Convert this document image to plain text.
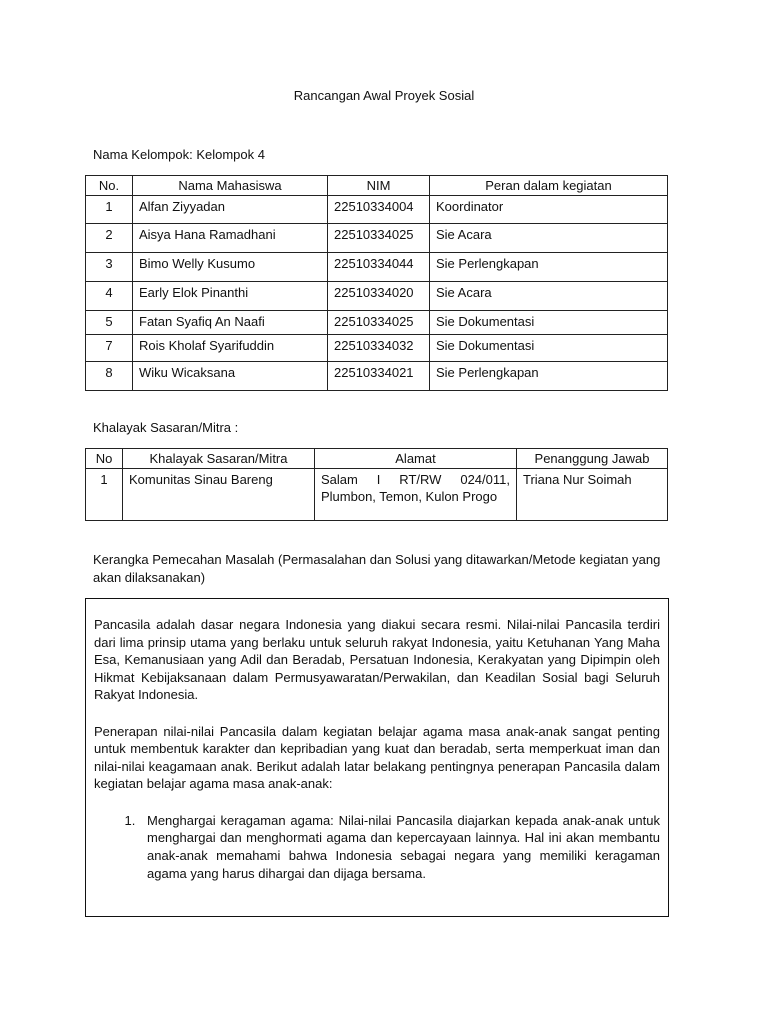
Rancangan Awal Proyek Sosial
Nama Kelompok: Kelompok 4
No.	Nama Mahasiswa	NIM	Peran dalam kegiatan
1	Alfan Ziyyadan	22510334004	Koordinator
2	Aisya Hana Ramadhani	22510334025	Sie Acara
3	Bimo Welly Kusumo	22510334044	Sie Perlengkapan
4	Early Elok Pinanthi	22510334020	Sie Acara
5	Fatan Syafiq An Naafi	22510334025	Sie Dokumentasi
7	Rois Kholaf Syarifuddin	22510334032	Sie Dokumentasi
8	Wiku Wicaksana	22510334021	Sie Perlengkapan
Khalayak Sasaran/Mitra :
No	Khalayak Sasaran/Mitra	Alamat	Penanggung Jawab
1	Komunitas Sinau Bareng	Salam I RT/RW 024/011, Plumbon, Temon, Kulon Progo	Triana Nur Soimah
Kerangka Pemecahan Masalah (Permasalahan dan Solusi yang ditawarkan/Metode kegiatan yang akan dilaksanakan)

Pancasila adalah dasar negara Indonesia yang diakui secara resmi. Nilai-nilai Pancasila terdiri dari lima prinsip utama yang berlaku untuk seluruh rakyat Indonesia, yaitu Ketuhanan Yang Maha Esa, Kemanusiaan yang Adil dan Beradab, Persatuan Indonesia, Kerakyatan yang Dipimpin oleh Hikmat Kebijaksanaan dalam Permusyawaratan/Perwakilan, dan Keadilan Sosial bagi Seluruh Rakyat Indonesia.

Penerapan nilai-nilai Pancasila dalam kegiatan belajar agama masa anak-anak sangat penting untuk membentuk karakter dan kepribadian yang kuat dan beradab, serta memperkuat iman dan nilai-nilai keagamaan anak. Berikut adalah latar belakang pentingnya penerapan Pancasila dalam kegiatan belajar agama masa anak-anak:

1. Menghargai keragaman agama: Nilai-nilai Pancasila diajarkan kepada anak-anak untuk menghargai dan menghormati agama dan kepercayaan lainnya. Hal ini akan membantu anak-anak memahami bahwa Indonesia sebagai negara yang memiliki keragaman agama yang harus dihargai dan dijaga bersama.
